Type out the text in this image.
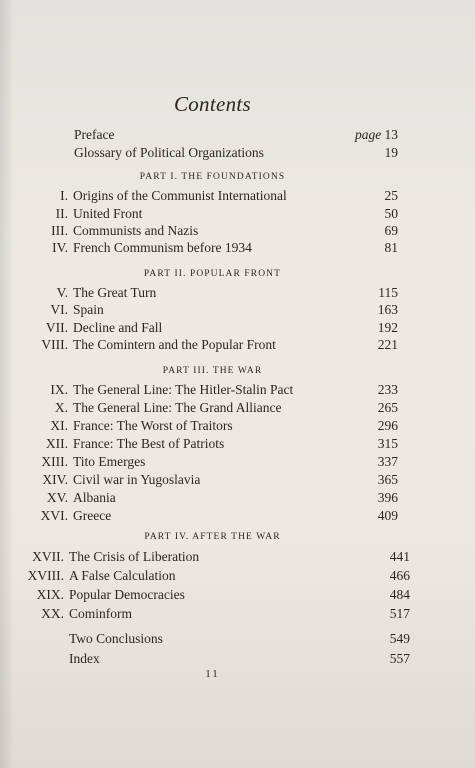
Contents
Preface	page 13
Glossary of Political Organizations	19
PART I. THE FOUNDATIONS
I. Origins of the Communist International	25
II. United Front	50
III. Communists and Nazis	69
IV. French Communism before 1934	81
PART II. POPULAR FRONT
V. The Great Turn	115
VI. Spain	163
VII. Decline and Fall	192
VIII. The Comintern and the Popular Front	221
PART III. THE WAR
IX. The General Line: The Hitler-Stalin Pact	233
X. The General Line: The Grand Alliance	265
XI. France: The Worst of Traitors	296
XII. France: The Best of Patriots	315
XIII. Tito Emerges	337
XIV. Civil war in Yugoslavia	365
XV. Albania	396
XVI. Greece	409
PART IV. AFTER THE WAR
XVII. The Crisis of Liberation	441
XVIII. A False Calculation	466
XIX. Popular Democracies	484
XX. Cominform	517
Two Conclusions	549
Index	557
11
